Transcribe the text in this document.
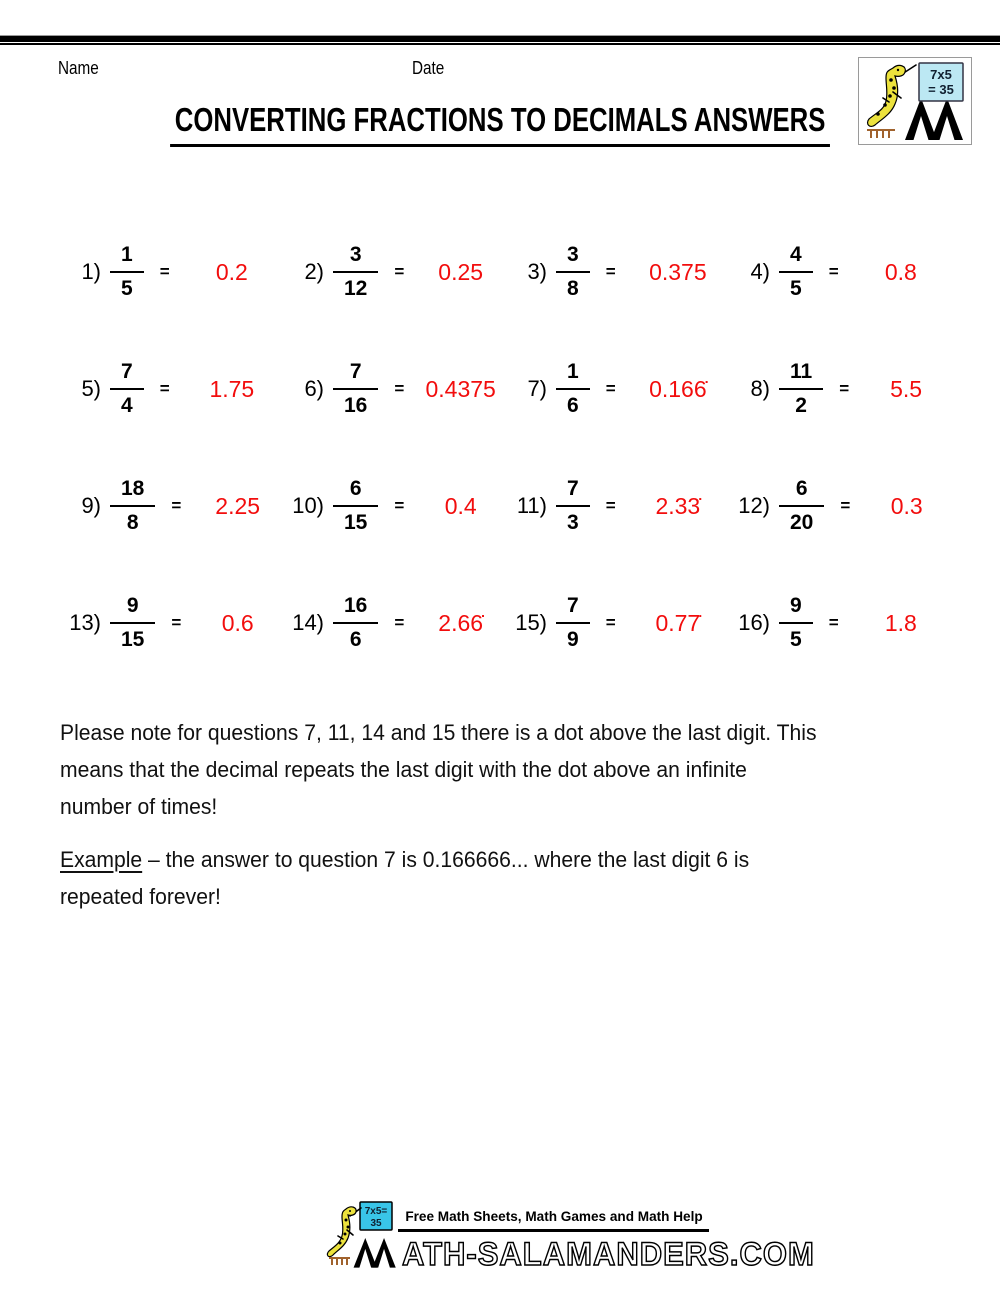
Name	Date
CONVERTING FRACTIONS TO DECIMALS ANSWERS
7x5
= 35
$1) \frac{1}{5}$ =	0.2	$2) \frac{3}{12}$ =	0.25	$3) \frac{3}{8}$ =	0.375	$4) \frac{4}{5}$ =	0.8
$5) \frac{7}{4}$ =	1.75	$6) \frac{7}{16} = 0.4375$	$7) \frac{1}{6}$ =	0.166̇	$8) \frac{11}{2}$ =	5.5
$9) \frac{18}{8}$ =	2.25	$10) \frac{6}{15}$ =	0.4	$11) \frac{7}{3}$ =	2.33̇	$12) \frac{6}{20}$ =	0.3
$13) \frac{9}{15}$ =	0.6	$14) \frac{16}{6}$ =	2.66̇	$15) \frac{7}{9}$ =	0.77̇	$16) \frac{9}{5}$ =	1.8
Please note for questions 7, 11, 14 and 15 there is a dot above the last digit. This
means that the decimal repeats the last digit with the dot above an infinite
number of times!
Example – the answer to question 7 is 0.166666... where the last digit 6 is
repeated forever!
7x5=
35 Free Math Sheets, Math Games and Math Help
ATH-SALAMANDERS.COM
